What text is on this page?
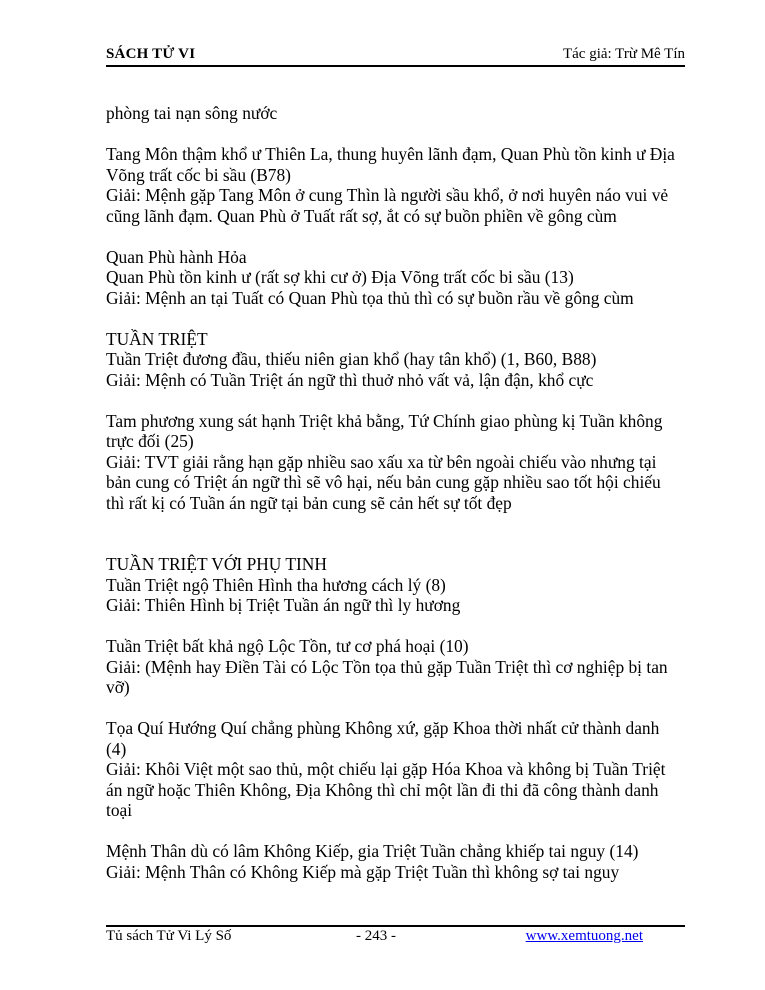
SÁCH TỬ VI	Tác giả: Trừ Mê Tín
phòng tai nạn sông nước
Tang Môn thậm khổ ư Thiên La, thung huyên lãnh đạm, Quan Phù tồn kinh ư Địa
Võng trất cốc bi sầu (B78)
Giải: Mệnh gặp Tang Môn ở cung Thìn là người sầu khổ, ở nơi huyên náo vui vẻ
cũng lãnh đạm. Quan Phù ở Tuất rất sợ, ắt có sự buồn phiền về gông cùm
Quan Phù hành Hỏa
Quan Phù tồn kinh ư (rất sợ khi cư ở) Địa Võng trất cốc bi sầu (13)
Giải: Mệnh an tại Tuất có Quan Phù tọa thủ thì có sự buồn rầu về gông cùm
TUẦN TRIỆT
Tuần Triệt đương đầu, thiếu niên gian khổ (hay tân khổ) (1, B60, B88)
Giải: Mệnh có Tuần Triệt án ngữ thì thuở nhỏ vất vả, lận đận, khổ cực
Tam phương xung sát hạnh Triệt khả bằng, Tứ Chính giao phùng kị Tuần không
trực đối (25)
Giải: TVT giải rằng hạn gặp nhiều sao xấu xa từ bên ngoài chiếu vào nhưng tại
bản cung có Triệt án ngữ thì sẽ vô hại, nếu bản cung gặp nhiều sao tốt hội chiếu
thì rất kị có Tuần án ngữ tại bản cung sẽ cản hết sự tốt đẹp
TUẦN TRIỆT VỚI PHỤ TINH
Tuần Triệt ngộ Thiên Hình tha hương cách lý (8)
Giải: Thiên Hình bị Triệt Tuần án ngữ thì ly hương
Tuần Triệt bất khả ngộ Lộc Tồn, tư cơ phá hoại (10)
Giải: (Mệnh hay Điền Tài có Lộc Tồn tọa thủ gặp Tuần Triệt thì cơ nghiệp bị tan
vỡ)
Tọa Quí Hướng Quí chẳng phùng Không xứ, gặp Khoa thời nhất cử thành danh
(4)
Giải: Khôi Việt một sao thủ, một chiếu lại gặp Hóa Khoa và không bị Tuần Triệt
án ngữ hoặc Thiên Không, Địa Không thì chỉ một lần đi thi đã công thành danh
toại
Mệnh Thân dù có lâm Không Kiếp, gia Triệt Tuần chẳng khiếp tai nguy (14)
Giải: Mệnh Thân có Không Kiếp mà gặp Triệt Tuần thì không sợ tai nguy
Tủ sách Tử Vi Lý Số	- 243 -	www.xemtuong.net
